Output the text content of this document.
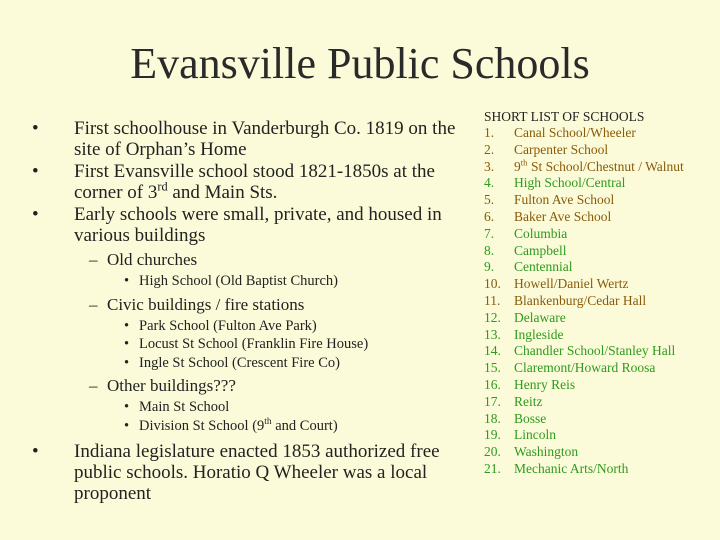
Evansville Public Schools
• First schoolhouse in Vanderburgh Co. 1819 on the site of Orphan’s Home
• First Evansville school stood 1821-1850s at the corner of 3rd and Main Sts.
• Early schools were small, private, and housed in various buildings
– Old churches
• High School (Old Baptist Church)
– Civic buildings / fire stations
• Park School (Fulton Ave Park)
• Locust St School (Franklin Fire House)
• Ingle St School (Crescent Fire Co)
– Other buildings???
• Main St School
• Division St School (9th and Court)
• Indiana legislature enacted 1853 authorized free public schools. Horatio Q Wheeler was a local proponent
SHORT LIST OF SCHOOLS
1. Canal School/Wheeler
2. Carpenter School
3. 9th St School/Chestnut / Walnut
4. High School/Central
5. Fulton Ave School
6. Baker Ave School
7. Columbia
8. Campbell
9. Centennial
10. Howell/Daniel Wertz
11. Blankenburg/Cedar Hall
12. Delaware
13. Ingleside
14. Chandler School/Stanley Hall
15. Claremont/Howard Roosa
16. Henry Reis
17. Reitz
18. Bosse
19. Lincoln
20. Washington
21. Mechanic Arts/North
